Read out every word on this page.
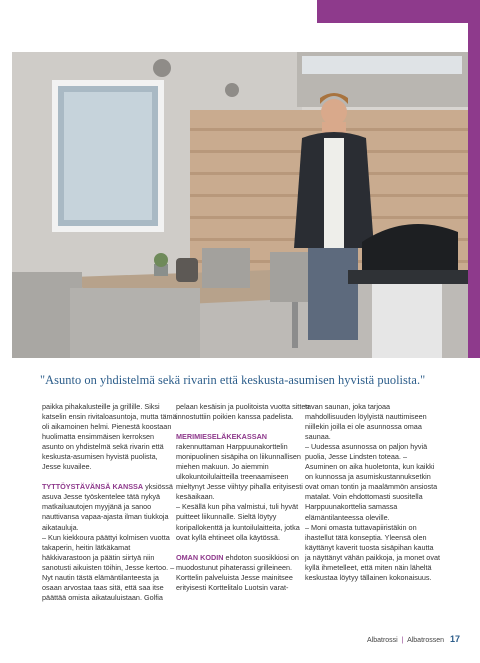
"Asunto on yhdistelmä sekä rivarin että keskusta-asumisen hyvistä puolista."

paikka pihakalusteille ja grillille. Siksi katselin ensin rivitaloasuntoja, mutta tämä oli aikamoinen helmi. Pienestä koostaan huolimatta ensimmäisen kerroksen asunto on yhdistelmä sekä rivarin että keskusta-asumisen hyvistä puolista, Jesse kuvailee.

TYTTÖYSTÄVÄNSÄ KANSSA yksiössä asuva Jesse työskentelee tätä nykyä matkailuautojen myyjänä ja sanoo nauttivansa vapaa-ajasta ilman tiukkoja aikatauluja.

– Kun kiekkoura päättyi kolmisen vuotta takaperin, heitin lätkäkamat häkkivarastoon ja päätin siirtyä niin sanotusti aikuisten töihin, Jesse kertoo. – Nyt nautin tästä elämäntilanteesta ja osaan arvostaa taas sitä, että saa itse päättää omista aikatauluistaan. Golfia

pelaan kesäisin ja puolitoista vuotta sitten innostuttiin poikien kanssa padelista.

MERIMIESELÄKEKASSAN
rakennuttaman Harppuunakorttelin monipuolinen sisäpiha on liikunnallisen miehen makuun. Jo aiemmin ulkokuntoilulaitteilla treenaamiseen mieltynyt Jesse viihtyy pihalla erityisesti kesäaikaan.

– Kesällä kun piha valmistui, tuli hyvät puitteet liikunnalle. Sieltä löytyy koripallokenttä ja kuntoilulaitteita, jotka ovat kyllä ehtineet olla käytössä.

OMAN KODIN ehdoton suosikkiosi on muodostunut pihaterassi grilleineen. Korttelin palveluista Jesse mainitsee erityisesti Korttelitalo Luotsin varat-

tavan saunan, joka tarjoaa mahdollisuuden löylyistä nauttimiseen niillekin joilla ei ole asunnossa omaa saunaa.

– Uudessa asunnossa on paljon hyviä puolia, Jesse Lindsten toteaa. – Asuminen on aika huoletonta, kun kaikki on kunnossa ja asumiskustannuksetkin ovat oman tontin ja maalämmön ansiosta matalat. Voin ehdottomasti suositella Harppuunakorttelia samassa elämäntilanteessa oleville.

– Moni omasta tuttavapiiristäkin on ihastellut tätä konseptia. Yleensä olen käyttänyt kaverit tuosta sisäpihan kautta ja näyttänyt vähän paikkoja, ja monet ovat kyllä ihmetelleet, että miten näin läheltä keskustaa löytyy tällainen kokonaisuus.

Albatrossi | Albatrossen 17
